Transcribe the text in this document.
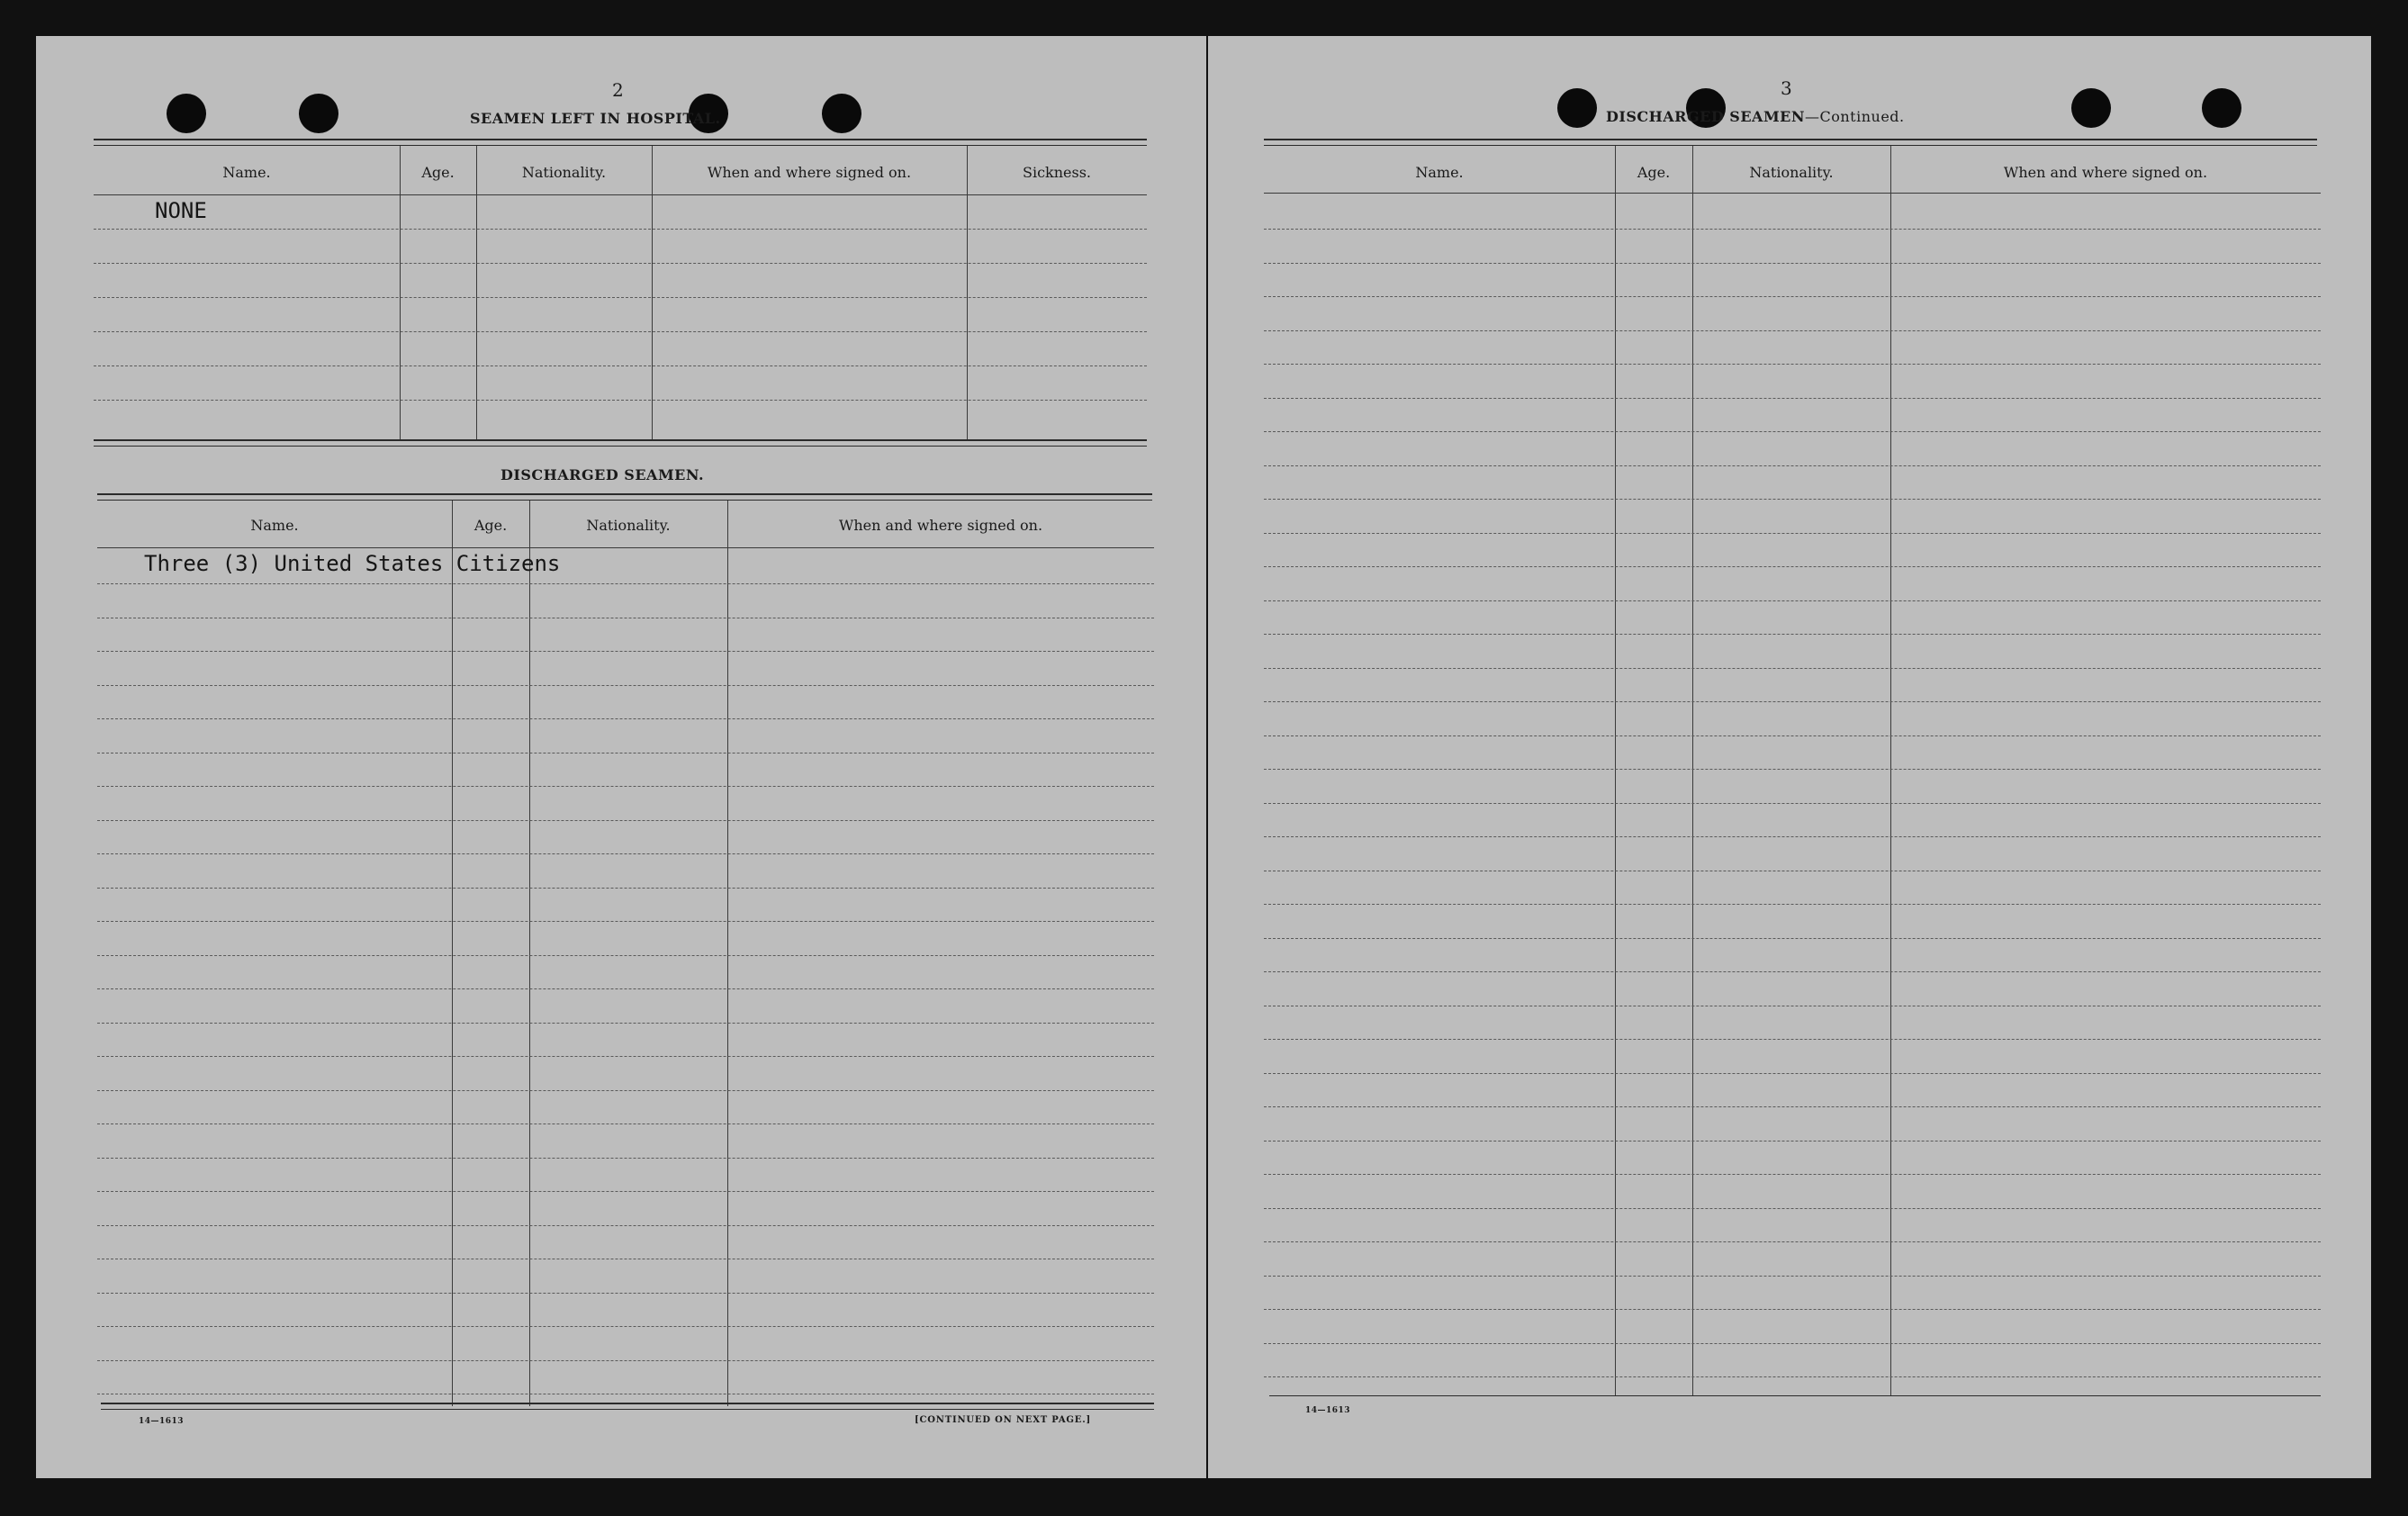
2
SEAMEN LEFT IN HOSPITAL.
Name.	Age.	Nationality.	When and where signed on.	Sickness.
NONE
DISCHARGED SEAMEN.
Name.	Age.	Nationality.	When and where signed on.
Three (3) United States Citizens
14—1613	[CONTINUED ON NEXT PAGE.]
3
DISCHARGED SEAMEN—Continued.
Name.	Age.	Nationality.	When and where signed on.
14—1613
